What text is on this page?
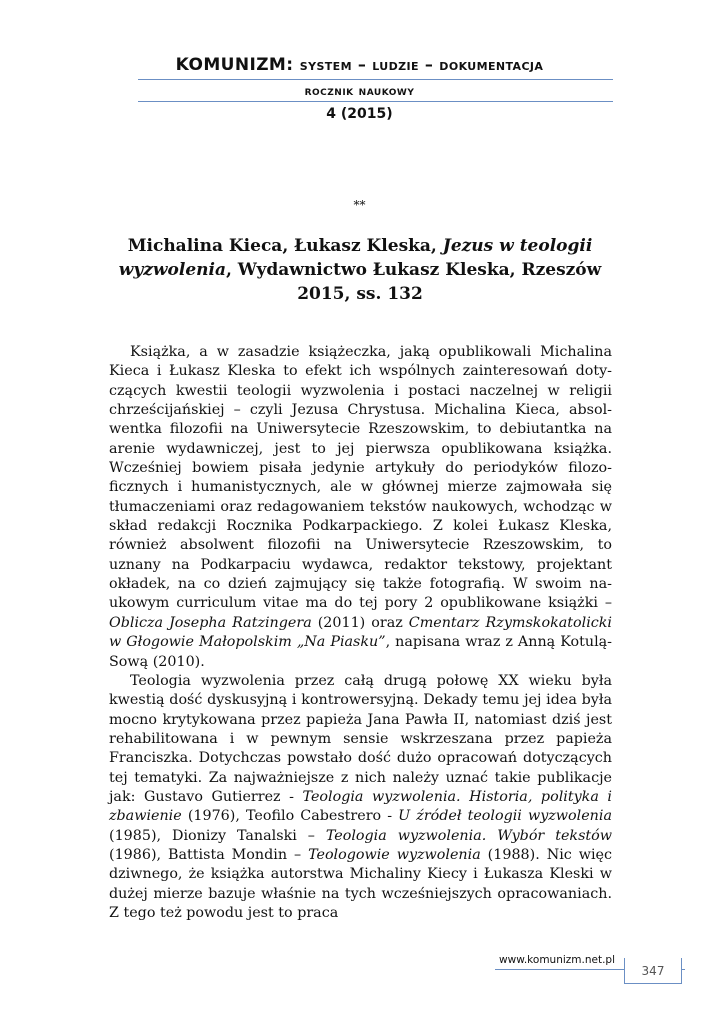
KOMUNIZM: system – ludzie – dokumentacja
rocznik naukowy
4 (2015)
**
Michalina Kieca, Łukasz Kleska, Jezus w teologii wyzwolenia, Wydawnictwo Łukasz Kleska, Rzeszów 2015, ss. 132

Książka, a w zasadzie książeczka, jaką opublikowali Michalina Kieca i Łukasz Kleska to efekt ich wspólnych zainteresowań dotyczących kwestii teologii wyzwolenia i postaci naczelnej w religii chrześcijańskiej – czyli Jezusa Chrystusa. Michalina Kieca, absolwentka filozofii na Uniwersytecie Rzeszowskim, to debiutantka na arenie wydawniczej, jest to jej pierwsza opublikowana książka. Wcześniej bowiem pisała jedynie artykuły do periodyków filozoficznych i humanistycznych, ale w głównej mierze zajmowała się tłumaczeniami oraz redagowaniem tekstów naukowych, wchodząc w skład redakcji Rocznika Podkarpackiego. Z kolei Łukasz Kleska, również absolwent filozofii na Uniwersytecie Rzeszowskim, to uznany na Podkarpaciu wydawca, redaktor tekstowy, projektant okładek, na co dzień zajmujący się także fotografią. W swoim naukowym curriculum vitae ma do tej pory 2 opublikowane książki – Oblicza Josepha Ratzingera (2011) oraz Cmentarz Rzymskokatolicki w Głogowie Małopolskim „Na Piasku”, napisana wraz z Anną Kotulą-Sową (2010).

Teologia wyzwolenia przez całą drugą połowę XX wieku była kwestią dość dyskusyjną i kontrowersyjną. Dekady temu jej idea była mocno krytykowana przez papieża Jana Pawła II, natomiast dziś jest rehabilitowana i w pewnym sensie wskrzeszana przez papieża Franciszka. Dotychczas powstało dość dużo opracowań dotyczących tej tematyki. Za najważniejsze z nich należy uznać takie publikacje jak: Gustavo Gutierrez - Teologia wyzwolenia. Historia, polityka i zbawienie (1976), Teofilo Cabestrero - U źródeł teologii wyzwolenia (1985), Dionizy Tanalski – Teologia wyzwolenia. Wybór tekstów (1986), Battista Mondin – Teologowie wyzwolenia (1988). Nic więc dziwnego, że książka autorstwa Michaliny Kiecy i Łukasza Kleski w dużej mierze bazuje właśnie na tych wcześniejszych opracowaniach. Z tego też powodu jest to praca

www.komunizm.net.pl
347
